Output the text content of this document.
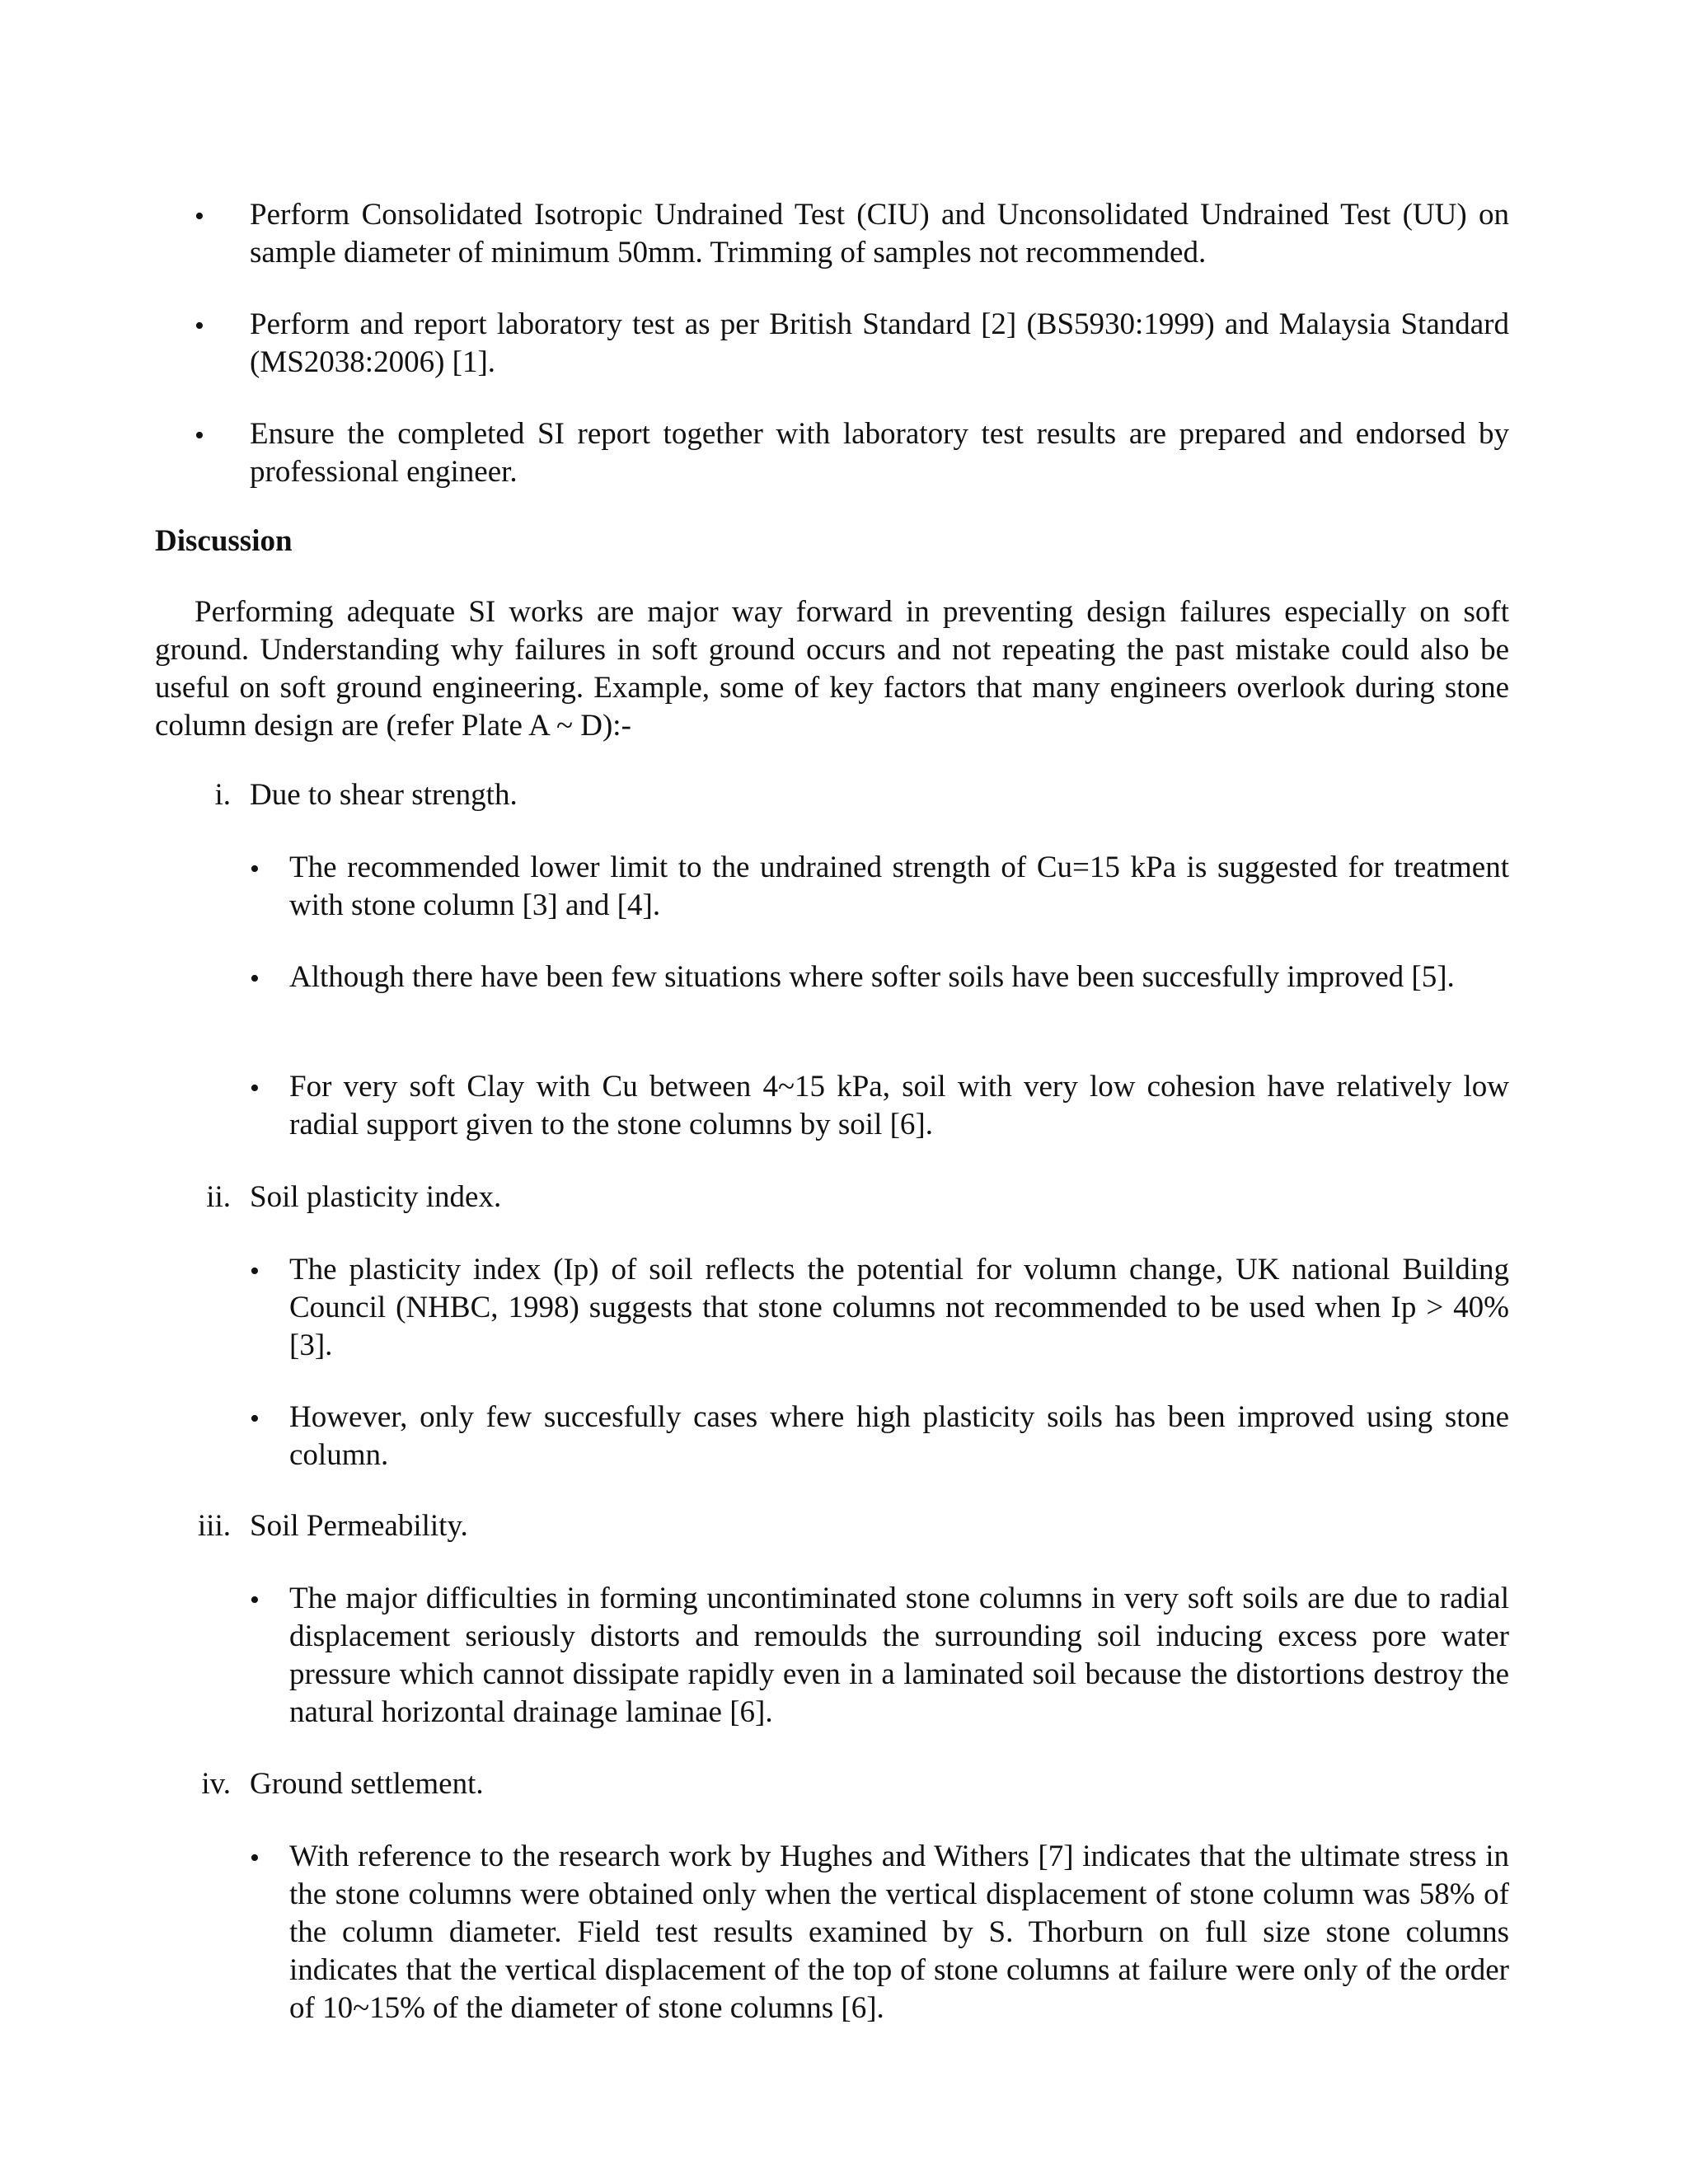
• Perform Consolidated Isotropic Undrained Test (CIU) and Unconsolidated Undrained Test (UU) on sample diameter of minimum 50mm. Trimming of samples not recommended.

• Perform and report laboratory test as per British Standard [2] (BS5930:1999) and Malaysia Standard (MS2038:2006) [1].

• Ensure the completed SI report together with laboratory test results are prepared and endorsed by professional engineer.

Discussion

Performing adequate SI works are major way forward in preventing design failures especially on soft ground. Understanding why failures in soft ground occurs and not repeating the past mistake could also be useful on soft ground engineering. Example, some of key factors that many engineers overlook during stone column design are (refer Plate A ~ D):-

i. Due to shear strength.

• The recommended lower limit to the undrained strength of Cu=15 kPa is suggested for treatment with stone column [3] and [4].

• Although there have been few situations where softer soils have been succesfully improved [5].

• For very soft Clay with Cu between 4~15 kPa, soil with very low cohesion have relatively low radial support given to the stone columns by soil [6].

ii. Soil plasticity index.

• The plasticity index (Ip) of soil reflects the potential for volumn change, UK national Building Council (NHBC, 1998) suggests that stone columns not recommended to be used when Ip > 40% [3].

• However, only few succesfully cases where high plasticity soils has been improved using stone column.

iii. Soil Permeability.

• The major difficulties in forming uncontiminated stone columns in very soft soils are due to radial displacement seriously distorts and remoulds the surrounding soil inducing excess pore water pressure which cannot dissipate rapidly even in a laminated soil because the distortions destroy the natural horizontal drainage laminae [6].

iv. Ground settlement.

• With reference to the research work by Hughes and Withers [7] indicates that the ultimate stress in the stone columns were obtained only when the vertical displacement of stone column was 58% of the column diameter. Field test results examined by S. Thorburn on full size stone columns indicates that the vertical displacement of the top of stone columns at failure were only of the order of 10~15% of the diameter of stone columns [6].
